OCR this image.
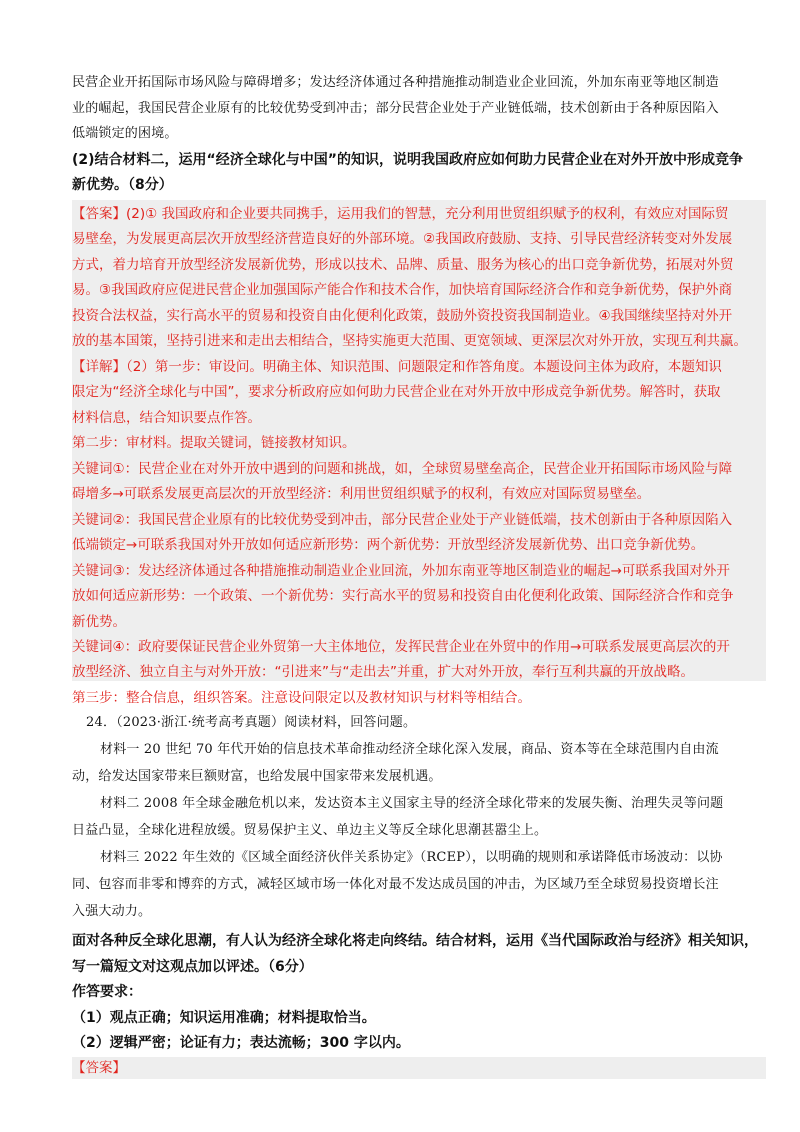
民营企业开拓国际市场风险与障碍增多；发达经济体通过各种措施推动制造业企业回流，外加东南亚等地区制造
业的崛起，我国民营企业原有的比较优势受到冲击；部分民营企业处于产业链低端，技术创新由于各种原因陷入
低端锁定的困境。
(2)结合材料二，运用“经济全球化与中国”的知识，说明我国政府应如何助力民营企业在对外开放中形成竞争
新优势。（8分）
【答案】(2)① 我国政府和企业要共同携手，运用我们的智慧，充分利用世贸组织赋予的权利，有效应对国际贸
易壁垒，为发展更高层次开放型经济营造良好的外部环境。②我国政府鼓励、支持、引导民营经济转变对外发展
方式，着力培育开放型经济发展新优势，形成以技术、品牌、质量、服务为核心的出口竞争新优势，拓展对外贸
易。③我国政府应促进民营企业加强国际产能合作和技术合作，加快培育国际经济合作和竞争新优势，保护外商
投资合法权益，实行高水平的贸易和投资自由化便利化政策，鼓励外资投资我国制造业。④我国继续坚持对外开
放的基本国策，坚持引进来和走出去相结合，坚持实施更大范围、更宽领域、更深层次对外开放，实现互利共赢。
【详解】（2）第一步：审设问。明确主体、知识范围、问题限定和作答角度。本题设问主体为政府，本题知识
限定为“经济全球化与中国”，要求分析政府应如何助力民营企业在对外开放中形成竞争新优势。解答时，获取
材料信息，结合知识要点作答。
第二步：审材料。提取关键词，链接教材知识。
关键词①：民营企业在对外开放中遇到的问题和挑战，如，全球贸易壁垒高企，民营企业开拓国际市场风险与障
碍增多→可联系发展更高层次的开放型经济：利用世贸组织赋予的权利，有效应对国际贸易壁垒。
关键词②：我国民营企业原有的比较优势受到冲击，部分民营企业处于产业链低端，技术创新由于各种原因陷入
低端锁定→可联系我国对外开放如何适应新形势：两个新优势：开放型经济发展新优势、出口竞争新优势。
关键词③：发达经济体通过各种措施推动制造业企业回流，外加东南亚等地区制造业的崛起→可联系我国对外开
放如何适应新形势：一个政策、一个新优势：实行高水平的贸易和投资自由化便利化政策、国际经济合作和竞争
新优势。
关键词④：政府要保证民营企业外贸第一大主体地位，发挥民营企业在外贸中的作用→可联系发展更高层次的开
放型经济、独立自主与对外开放：“引进来”与“走出去”并重，扩大对外开放，奉行互利共赢的开放战略。
第三步：整合信息，组织答案。注意设问限定以及教材知识与材料等相结合。
24．（2023·浙江·统考高考真题）阅读材料，回答问题。
材料一 20 世纪 70 年代开始的信息技术革命推动经济全球化深入发展，商品、资本等在全球范围内自由流
动，给发达国家带来巨额财富，也给发展中国家带来发展机遇。
材料二 2008 年全球金融危机以来，发达资本主义国家主导的经济全球化带来的发展失衡、治理失灵等问题
日益凸显，全球化进程放缓。贸易保护主义、单边主义等反全球化思潮甚嚣尘上。
材料三 2022 年生效的《区域全面经济伙伴关系协定》（RCEP），以明确的规则和承诺降低市场波动：以协
同、包容而非零和博弈的方式，减轻区域市场一体化对最不发达成员国的冲击，为区域乃至全球贸易投资增长注
入强大动力。
面对各种反全球化思潮，有人认为经济全球化将走向终结。结合材料，运用《当代国际政治与经济》相关知识，
写一篇短文对这观点加以评述。（6分）
作答要求：
（1）观点正确；知识运用准确；材料提取恰当。
（2）逻辑严密；论证有力；表达流畅；300 字以内。
【答案】
